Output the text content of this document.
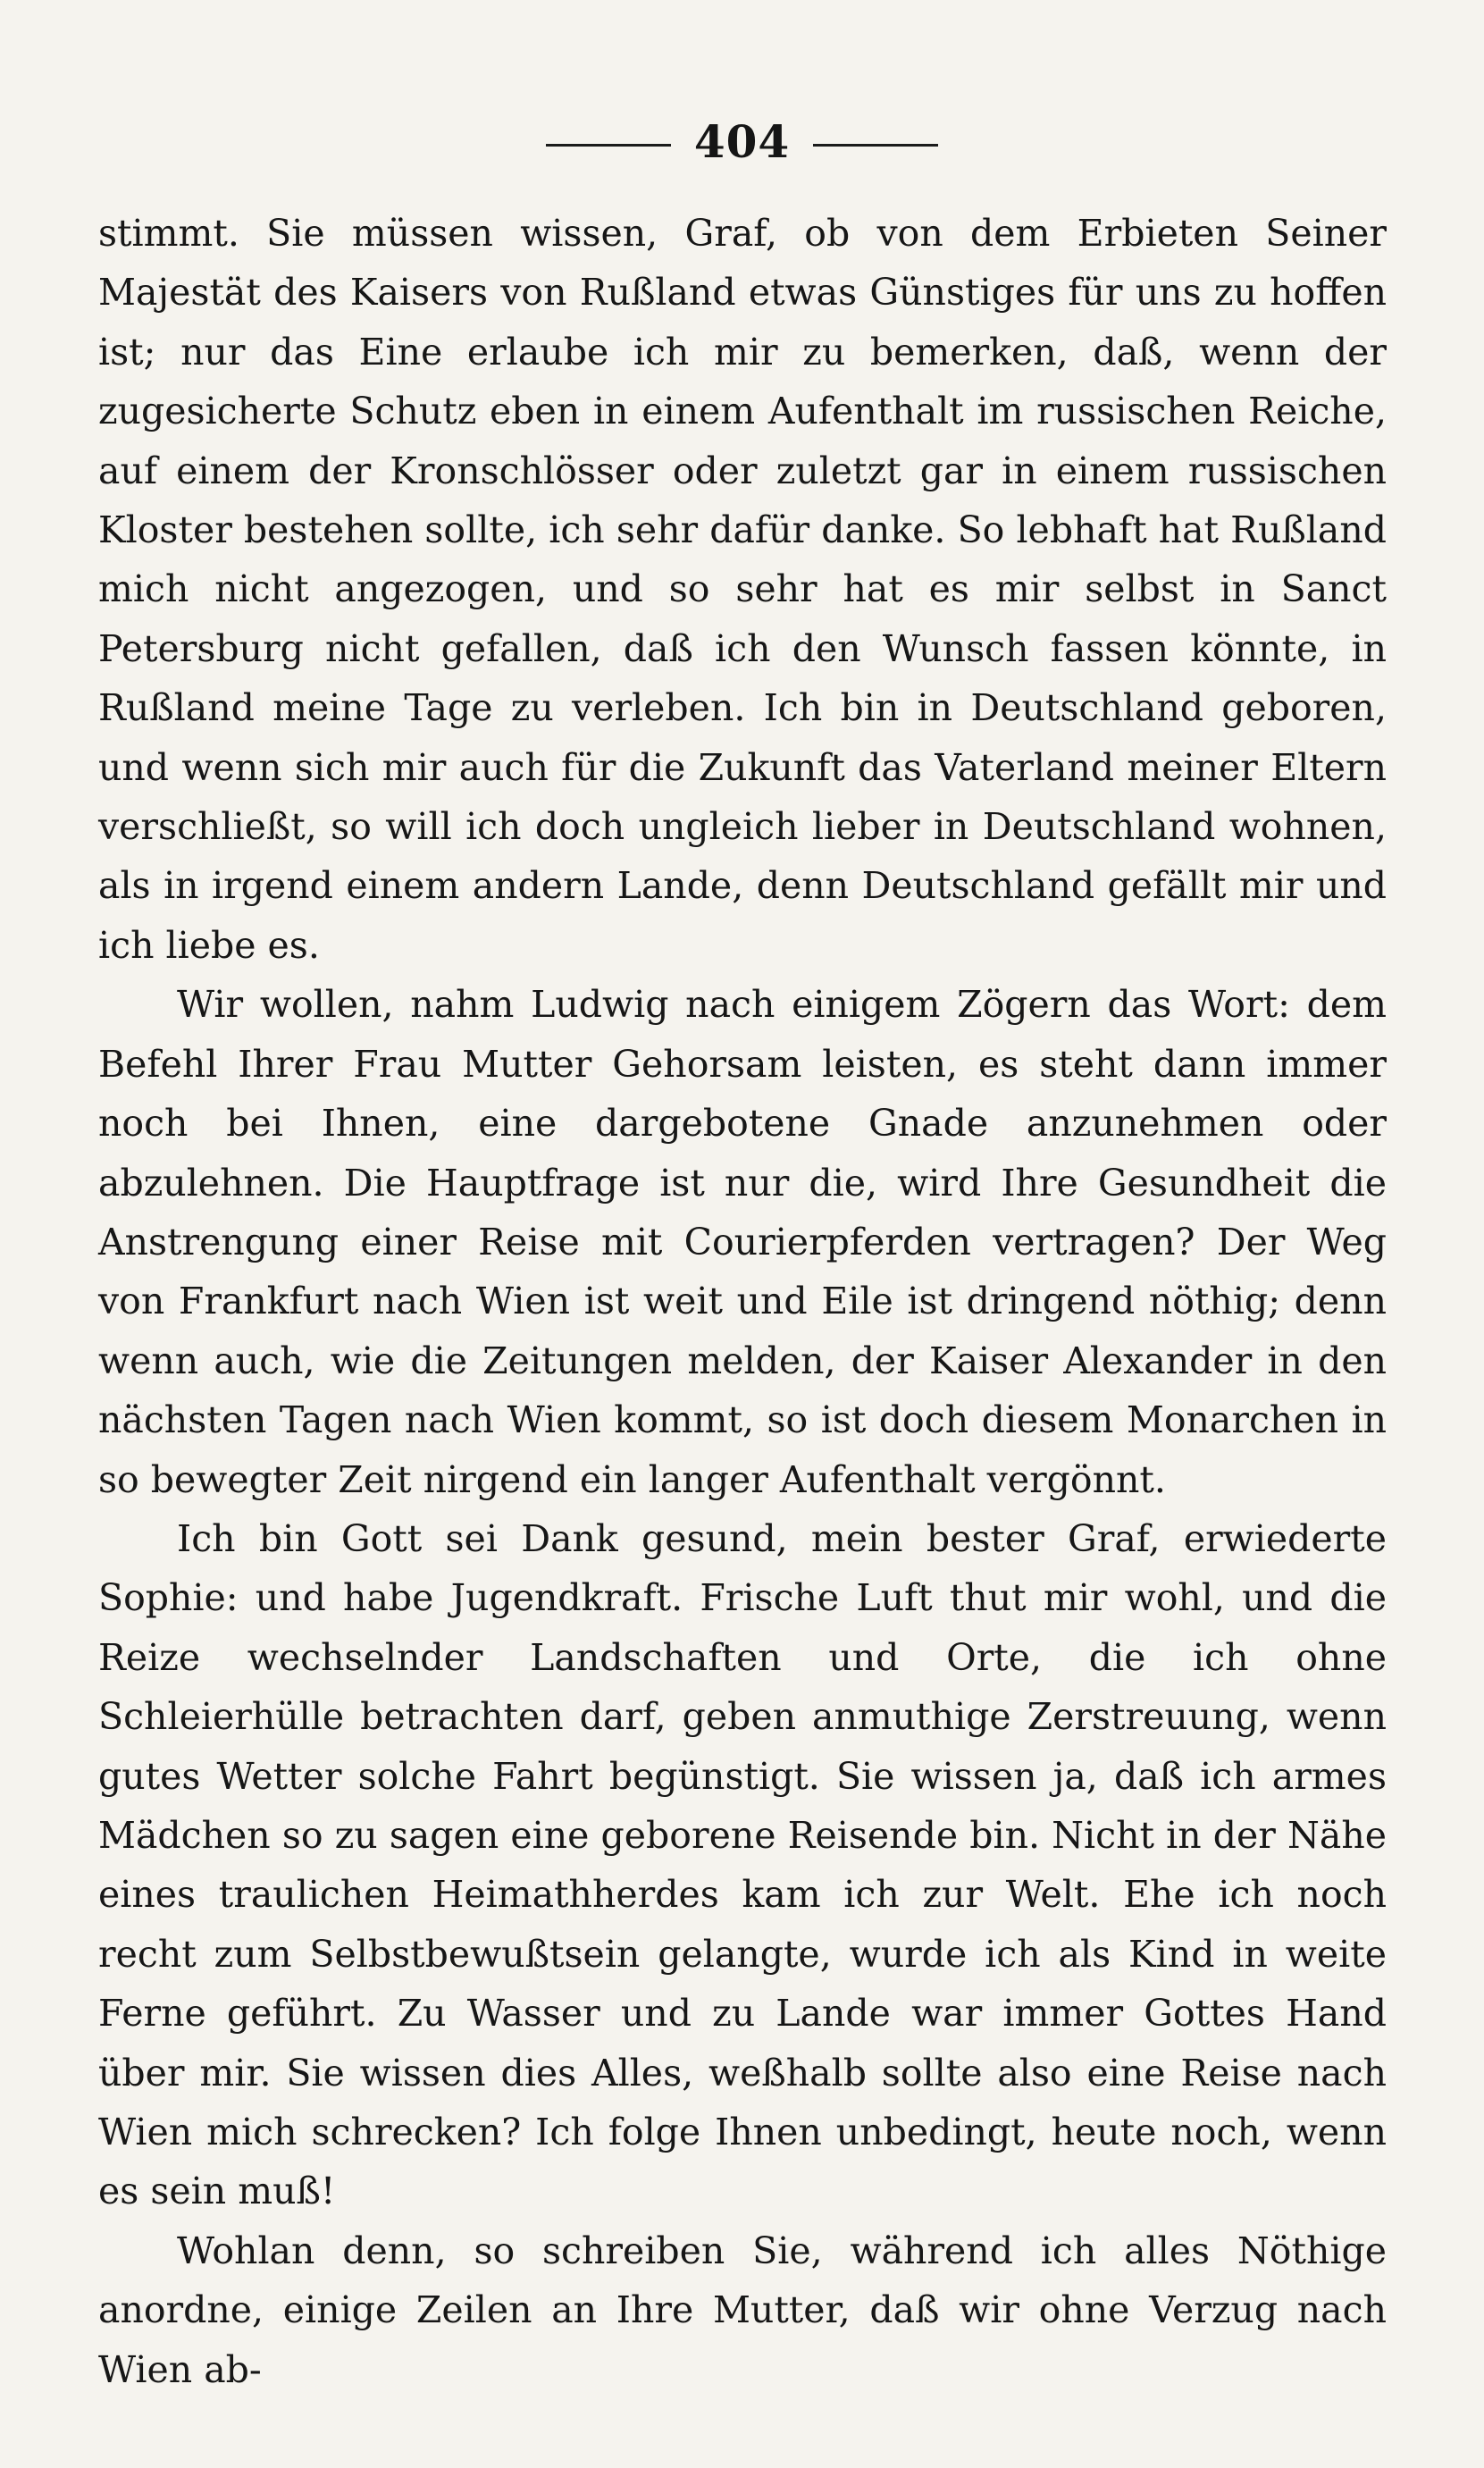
404

stimmt. Sie müssen wissen, Graf, ob von dem Erbieten Seiner Majestät des Kaisers von Rußland etwas Günstiges für uns zu hoffen ist; nur das Eine erlaube ich mir zu bemerken, daß, wenn der zugesicherte Schutz eben in einem Aufenthalt im russischen Reiche, auf einem der Kronschlösser oder zuletzt gar in einem russischen Kloster bestehen sollte, ich sehr dafür danke. So lebhaft hat Rußland mich nicht angezogen, und so sehr hat es mir selbst in Sanct Petersburg nicht gefallen, daß ich den Wunsch fassen könnte, in Rußland meine Tage zu verleben. Ich bin in Deutschland geboren, und wenn sich mir auch für die Zukunft das Vaterland meiner Eltern verschließt, so will ich doch ungleich lieber in Deutschland wohnen, als in irgend einem andern Lande, denn Deutschland gefällt mir und ich liebe es.

Wir wollen, nahm Ludwig nach einigem Zögern das Wort: dem Befehl Ihrer Frau Mutter Gehorsam leisten, es steht dann immer noch bei Ihnen, eine dargebotene Gnade anzunehmen oder abzulehnen. Die Hauptfrage ist nur die, wird Ihre Gesundheit die Anstrengung einer Reise mit Courierpferden vertragen? Der Weg von Frankfurt nach Wien ist weit und Eile ist dringend nöthig; denn wenn auch, wie die Zeitungen melden, der Kaiser Alexander in den nächsten Tagen nach Wien kommt, so ist doch diesem Monarchen in so bewegter Zeit nirgend ein langer Aufenthalt vergönnt.

Ich bin Gott sei Dank gesund, mein bester Graf, erwiederte Sophie: und habe Jugendkraft. Frische Luft thut mir wohl, und die Reize wechselnder Landschaften und Orte, die ich ohne Schleierhülle betrachten darf, geben anmuthige Zerstreuung, wenn gutes Wetter solche Fahrt begünstigt. Sie wissen ja, daß ich armes Mädchen so zu sagen eine geborene Reisende bin. Nicht in der Nähe eines traulichen Heimathherdes kam ich zur Welt. Ehe ich noch recht zum Selbstbewußtsein gelangte, wurde ich als Kind in weite Ferne geführt. Zu Wasser und zu Lande war immer Gottes Hand über mir. Sie wissen dies Alles, weßhalb sollte also eine Reise nach Wien mich schrecken? Ich folge Ihnen unbedingt, heute noch, wenn es sein muß!

Wohlan denn, so schreiben Sie, während ich alles Nöthige anordne, einige Zeilen an Ihre Mutter, daß wir ohne Verzug nach Wien ab-
